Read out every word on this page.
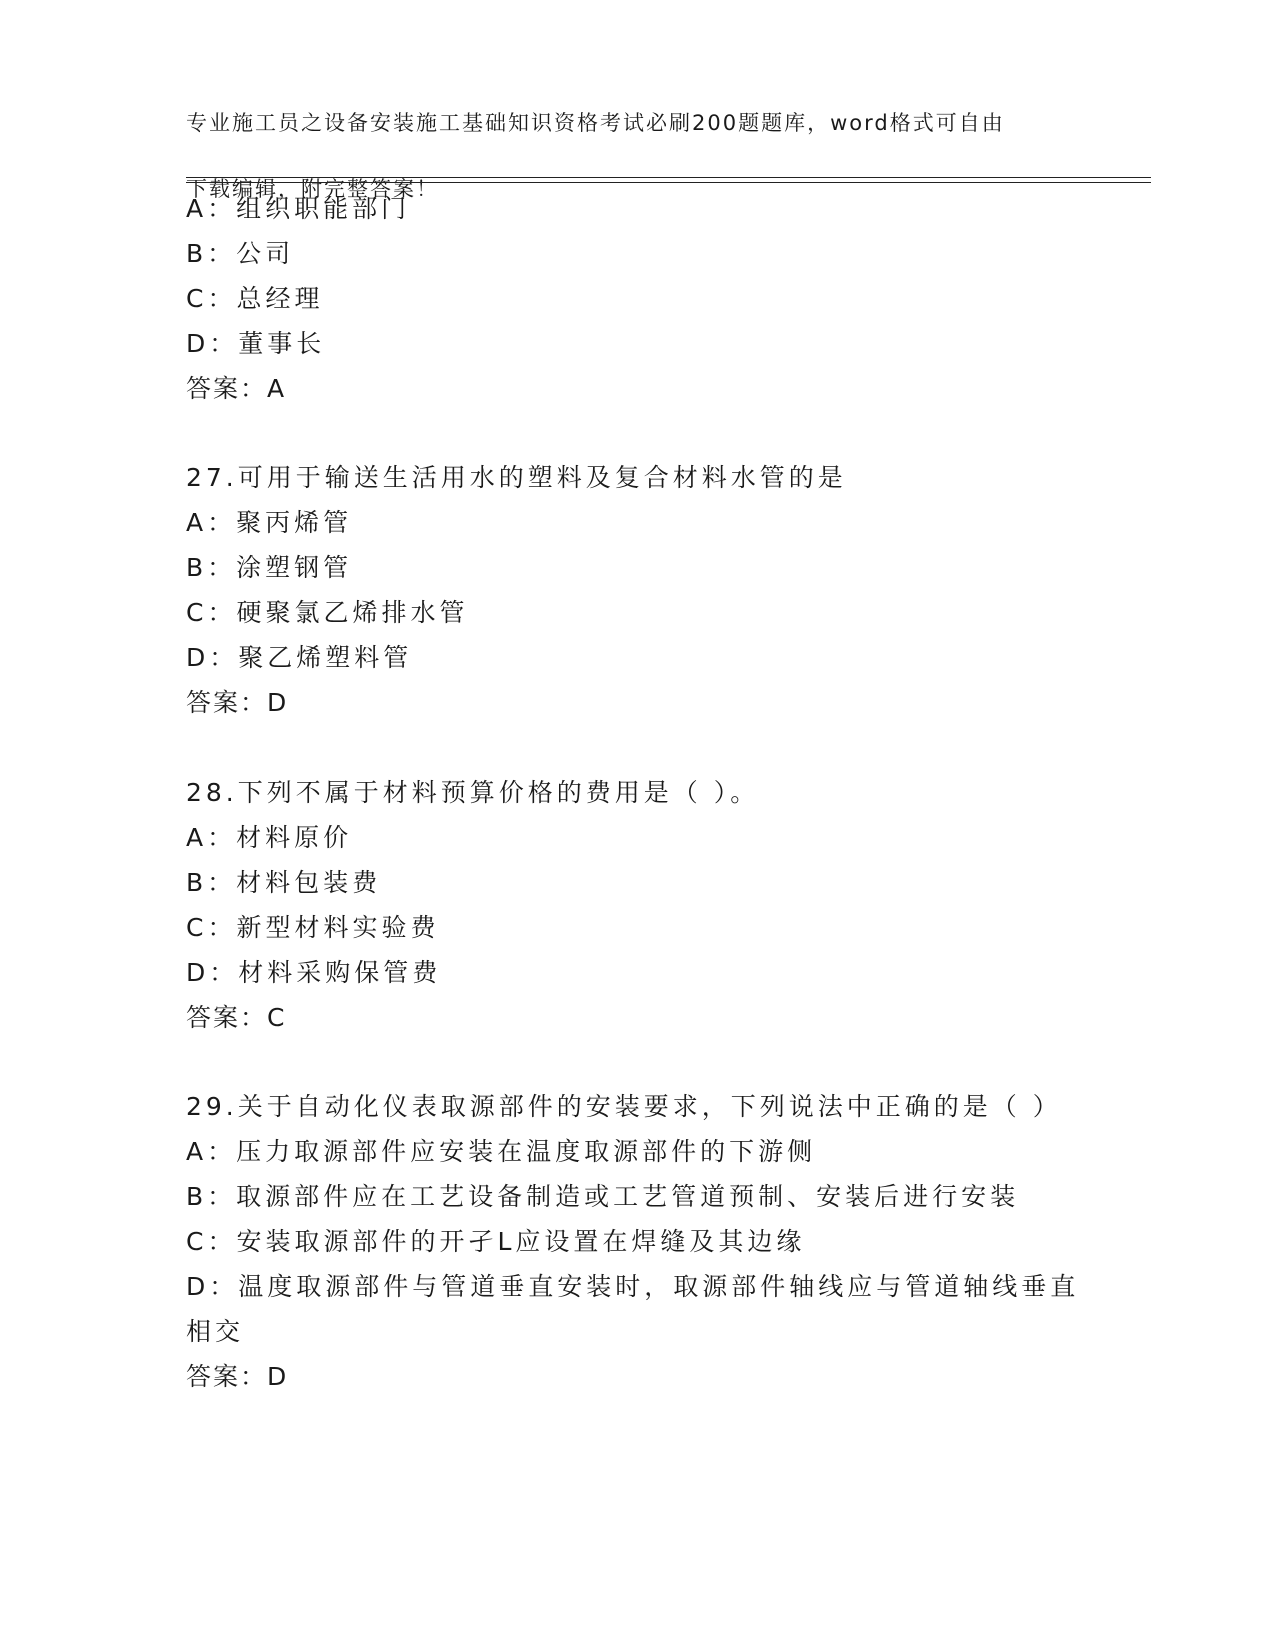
专业施工员之设备安装施工基础知识资格考试必刷200题题库，word格式可自由

下载编辑，附完整答案！

A：组织职能部门
B：公司
C：总经理
D：董事长
答案：A
27.可用于输送生活用水的塑料及复合材料水管的是
A：聚丙烯管
B：涂塑钢管
C：硬聚氯乙烯排水管
D：聚乙烯塑料管
答案：D
28.下列不属于材料预算价格的费用是（ ）。
A：材料原价
B：材料包装费
C：新型材料实验费
D：材料采购保管费
答案：C
29.关于自动化仪表取源部件的安装要求，下列说法中正确的是（ ）
A：压力取源部件应安装在温度取源部件的下游侧
B：取源部件应在工艺设备制造或工艺管道预制、安装后进行安装
C：安装取源部件的开孑L应设置在焊缝及其边缘
D：温度取源部件与管道垂直安装时，取源部件轴线应与管道轴线垂直
相交
答案：D
